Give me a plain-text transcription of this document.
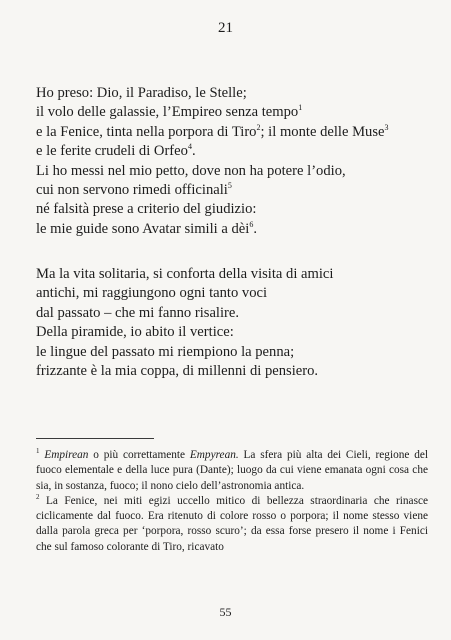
21
Ho preso: Dio, il Paradiso, le Stelle;
il volo delle galassie, l’Empireo senza tempo$^1$
e la Fenice, tinta nella porpora di Tiro$^2$; il monte delle Muse$^3$
e le ferite crudeli di Orfeo$^4$.
Li ho messi nel mio petto, dove non ha potere l’odio,
cui non servono rimedi officinali$^5$
né falsità prese a criterio del giudizio:
le mie guide sono Avatar simili a dèi$^6$.
Ma la vita solitaria, si conforta della visita di amici
antichi, mi raggiungono ogni tanto voci
dal passato – che mi fanno risalire.
Della piramide, io abito il vertice:
le lingue del passato mi riempiono la penna;
frizzante è la mia coppa, di millenni di pensiero.

$^1$ Empirean o più correttamente Empyrean. La sfera più alta dei Cieli, regione del fuoco elementale e della luce pura (Dante); luogo da cui viene emanata ogni cosa che sia, in sostanza, fuoco; il nono cielo dell’astronomia antica.

$^2$ La Fenice, nei miti egizi uccello mitico di bellezza straordinaria che rinasce ciclicamente dal fuoco. Era ritenuto di colore rosso o porpora; il nome stesso viene dalla parola greca per ‘porpora, rosso scuro’; da essa forse presero il nome i Fenici che sul famoso colorante di Tiro, ricavato

55
